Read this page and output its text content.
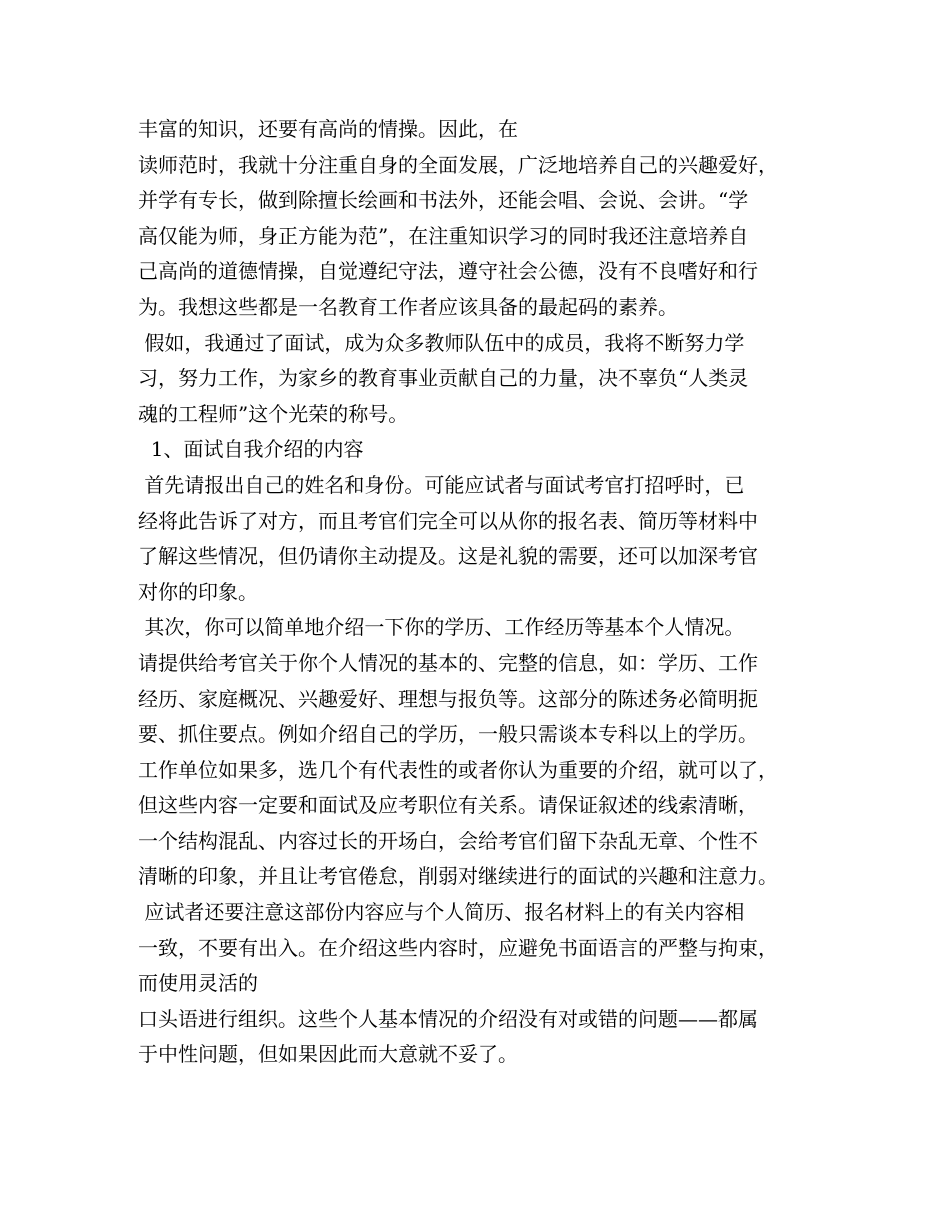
丰富的知识，还要有高尚的情操。因此，在
读师范时，我就十分注重自身的全面发展，广泛地培养自己的兴趣爱好，
并学有专长，做到除擅长绘画和书法外，还能会唱、会说、会讲。“学
高仅能为师，身正方能为范”，在注重知识学习的同时我还注意培养自
己高尚的道德情操，自觉遵纪守法，遵守社会公德，没有不良嗜好和行
为。我想这些都是一名教育工作者应该具备的最起码的素养。
假如，我通过了面试，成为众多教师队伍中的成员，我将不断努力学
习，努力工作，为家乡的教育事业贡献自己的力量，决不辜负“人类灵
魂的工程师”这个光荣的称号。
1、面试自我介绍的内容
首先请报出自己的姓名和身份。可能应试者与面试考官打招呼时，已
经将此告诉了对方，而且考官们完全可以从你的报名表、简历等材料中
了解这些情况，但仍请你主动提及。这是礼貌的需要，还可以加深考官
对你的印象。
其次，你可以简单地介绍一下你的学历、工作经历等基本个人情况。
请提供给考官关于你个人情况的基本的、完整的信息，如：学历、工作
经历、家庭概况、兴趣爱好、理想与报负等。这部分的陈述务必简明扼
要、抓住要点。例如介绍自己的学历，一般只需谈本专科以上的学历。
工作单位如果多，选几个有代表性的或者你认为重要的介绍，就可以了，
但这些内容一定要和面试及应考职位有关系。请保证叙述的线索清晰，
一个结构混乱、内容过长的开场白，会给考官们留下杂乱无章、个性不
清晰的印象，并且让考官倦怠，削弱对继续进行的面试的兴趣和注意力。
应试者还要注意这部份内容应与个人简历、报名材料上的有关内容相
一致，不要有出入。在介绍这些内容时，应避免书面语言的严整与拘束，
而使用灵活的
口头语进行组织。这些个人基本情况的介绍没有对或错的问题——都属
于中性问题，但如果因此而大意就不妥了。
